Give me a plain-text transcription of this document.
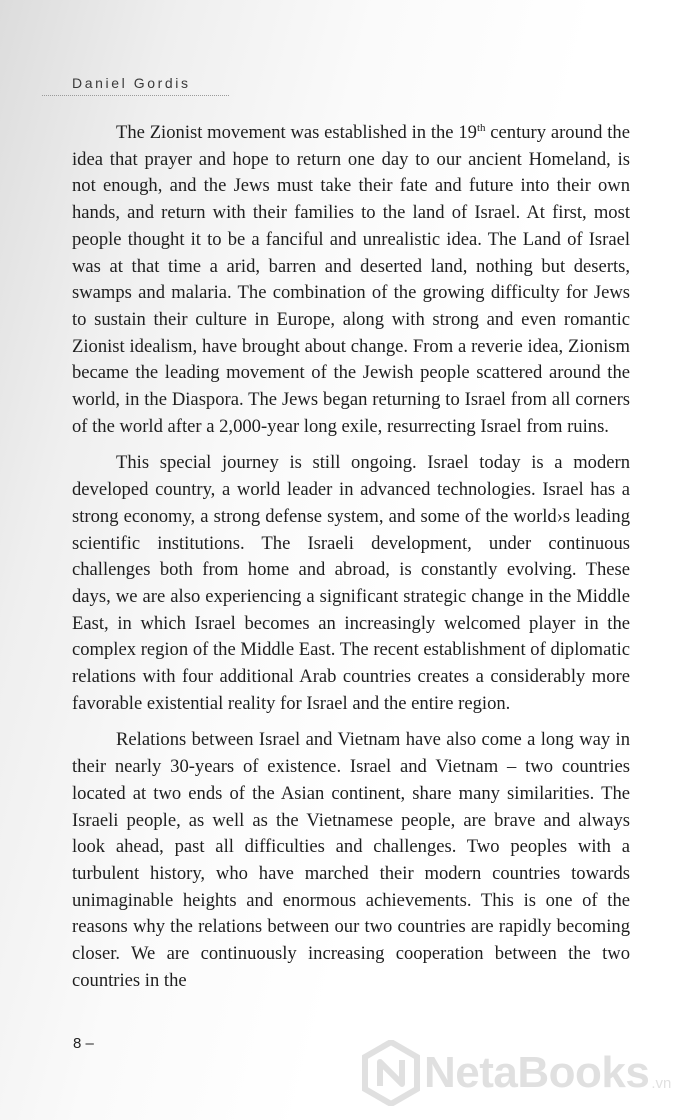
Daniel Gordis

The Zionist movement was established in the 19th century around the idea that prayer and hope to return one day to our ancient Homeland, is not enough, and the Jews must take their fate and future into their own hands, and return with their families to the land of Israel. At first, most people thought it to be a fanciful and unrealistic idea. The Land of Israel was at that time a arid, barren and deserted land, nothing but deserts, swamps and malaria. The combination of the growing difficulty for Jews to sustain their culture in Europe, along with strong and even romantic Zionist idealism, have brought about change. From a reverie idea, Zionism became the leading movement of the Jewish people scattered around the world, in the Diaspora. The Jews began returning to Israel from all corners of the world after a 2,000-year long exile, resurrecting Israel from ruins.

This special journey is still ongoing. Israel today is a modern developed country, a world leader in advanced technologies. Israel has a strong economy, a strong defense system, and some of the world›s leading scientific institutions. The Israeli development, under continuous challenges both from home and abroad, is constantly evolving. These days, we are also experiencing a significant strategic change in the Middle East, in which Israel becomes an increasingly welcomed player in the complex region of the Middle East. The recent establishment of diplomatic relations with four additional Arab countries creates a considerably more favorable existential reality for Israel and the entire region.

Relations between Israel and Vietnam have also come a long way in their nearly 30-years of existence. Israel and Vietnam – two countries located at two ends of the Asian continent, share many similarities. The Israeli people, as well as the Vietnamese people, are brave and always look ahead, past all difficulties and challenges. Two peoples with a turbulent history, who have marched their modern countries towards unimaginable heights and enormous achievements. This is one of the reasons why the relations between our two countries are rapidly becoming closer. We are continuously increasing cooperation between the two countries in the

8 –
NetaBooks .vn
